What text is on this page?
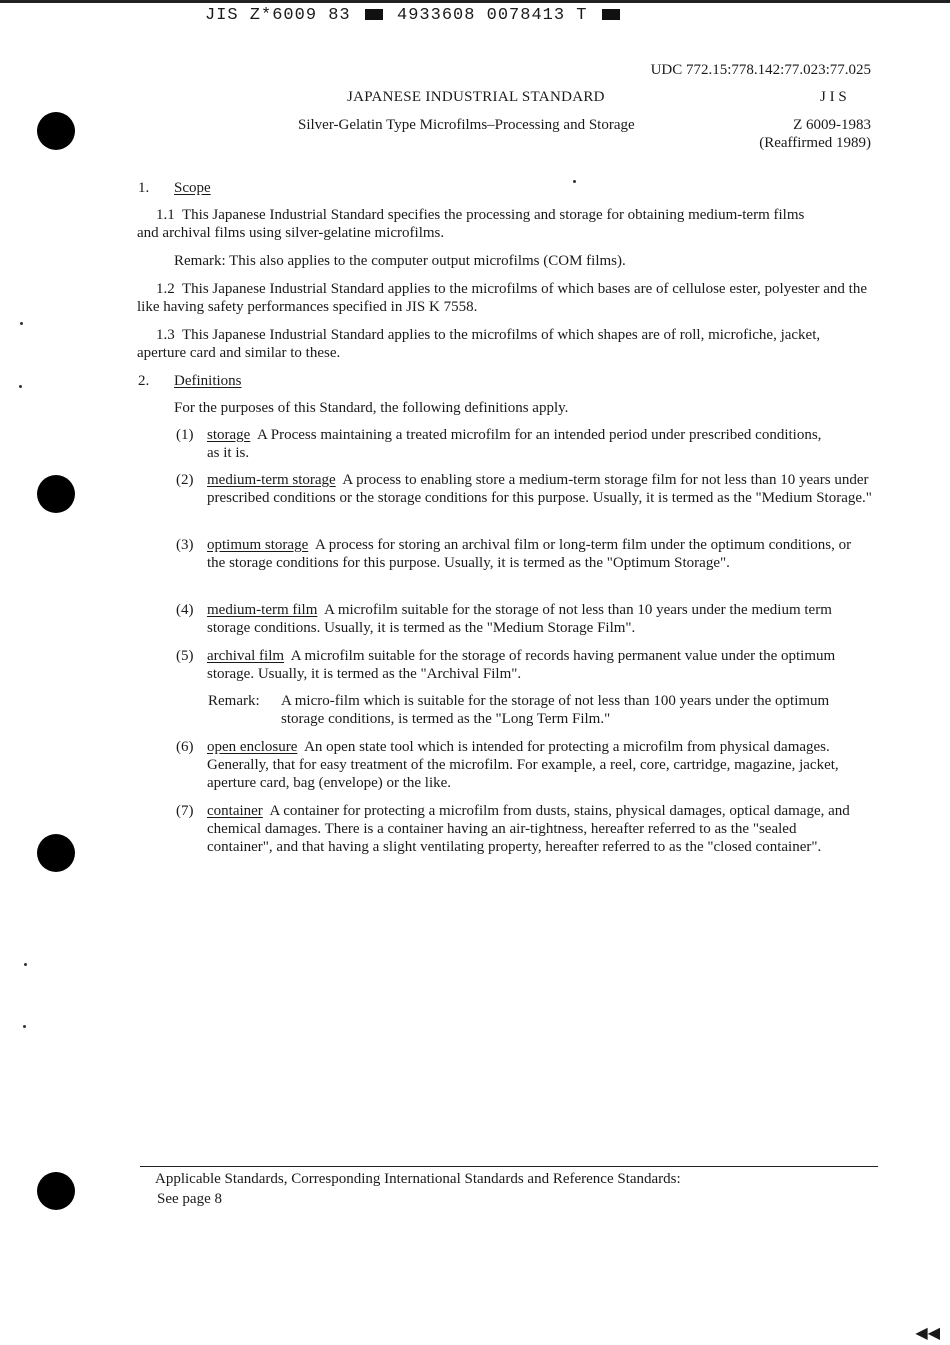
JIS Z*6009 83	4933608 0078413 T
UDC 772.15:778.142:77.023:77.025
JAPANESE INDUSTRIAL STANDARD	J I S
Silver-Gelatin Type Microfilms–Processing and Storage	Z 6009-1983
(Reaffirmed 1989)
1. Scope
1.1 This Japanese Industrial Standard specifies the processing and storage for obtaining medium-term films and archival films using silver-gelatine microfilms.
Remark: This also applies to the computer output microfilms (COM films).
1.2 This Japanese Industrial Standard applies to the microfilms of which bases are of cellulose ester, polyester and the like having safety performances specified in JIS K 7558.
1.3 This Japanese Industrial Standard applies to the microfilms of which shapes are of roll, microfiche, jacket, aperture card and similar to these.
2. Definitions
For the purposes of this Standard, the following definitions apply.
(1) storage A Process maintaining a treated microfilm for an intended period under prescribed conditions, as it is.
(2) medium-term storage A process to enabling store a medium-term storage film for not less than 10 years under prescribed conditions or the storage conditions for this purpose. Usually, it is termed as the "Medium Storage."
(3) optimum storage A process for storing an archival film or long-term film under the optimum conditions, or the storage conditions for this purpose. Usually, it is termed as the "Optimum Storage".
(4) medium-term film A microfilm suitable for the storage of not less than 10 years under the medium term storage conditions. Usually, it is termed as the "Medium Storage Film".
(5) archival film A microfilm suitable for the storage of records having permanent value under the optimum storage. Usually, it is termed as the "Archival Film".
Remark: A micro-film which is suitable for the storage of not less than 100 years under the optimum storage conditions, is termed as the "Long Term Film."
(6) open enclosure An open state tool which is intended for protecting a microfilm from physical damages. Generally, that for easy treatment of the microfilm. For example, a reel, core, cartridge, magazine, jacket, aperture card, bag (envelope) or the like.
(7) container A container for protecting a microfilm from dusts, stains, physical damages, optical damage, and chemical damages. There is a container having an air-tightness, hereafter referred to as the "sealed container", and that having a slight ventilating property, hereafter referred to as the "closed container".
Applicable Standards, Corresponding International Standards and Reference Standards:
See page 8
◀◀
